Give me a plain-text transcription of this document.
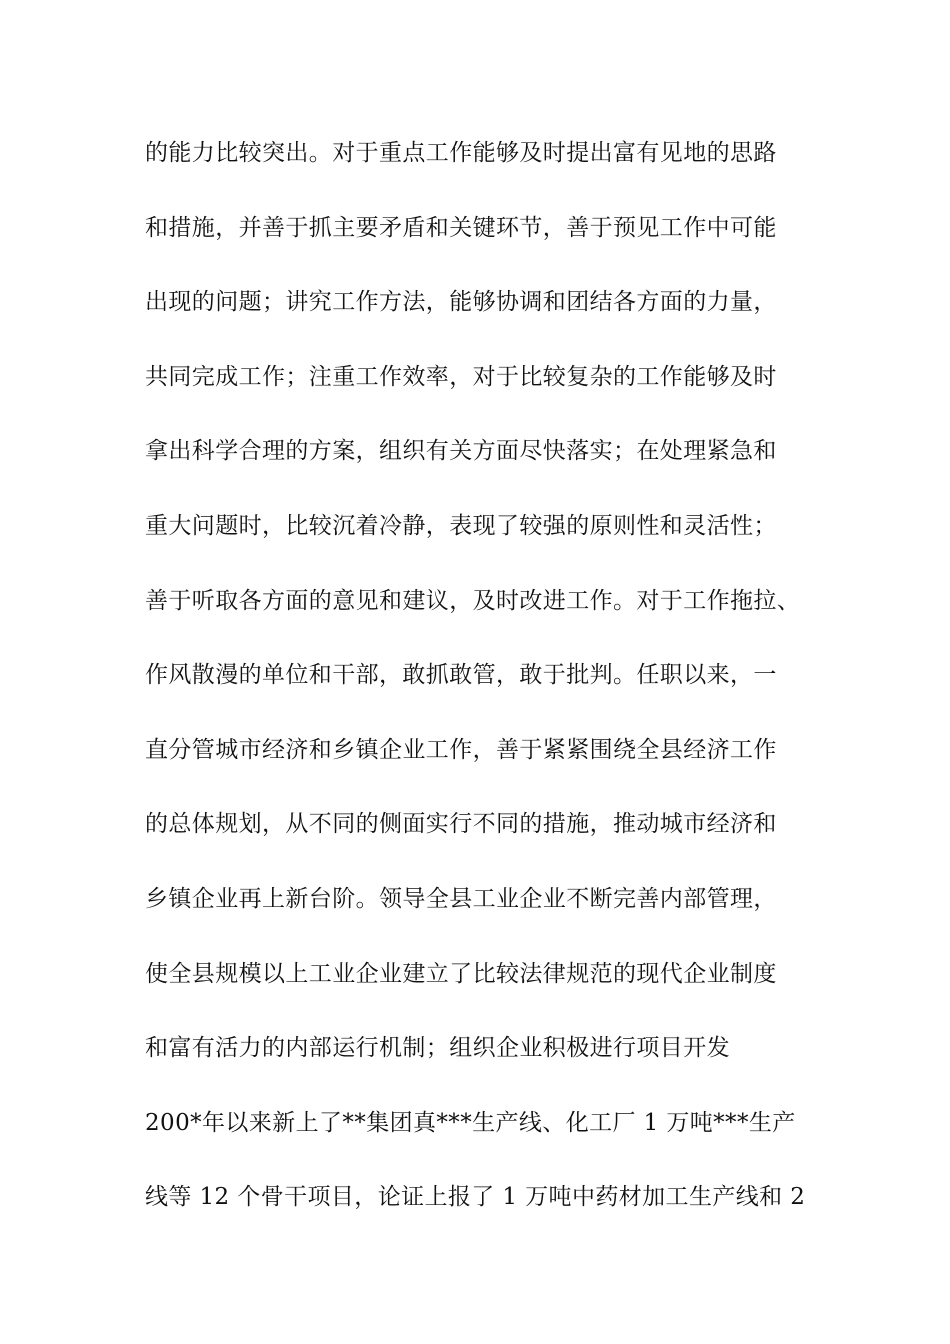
的能力比较突出。对于重点工作能够及时提出富有见地的思路
和措施，并善于抓主要矛盾和关键环节，善于预见工作中可能
出现的问题；讲究工作方法，能够协调和团结各方面的力量，
共同完成工作；注重工作效率，对于比较复杂的工作能够及时
拿出科学合理的方案，组织有关方面尽快落实；在处理紧急和
重大问题时，比较沉着冷静，表现了较强的原则性和灵活性；
善于听取各方面的意见和建议，及时改进工作。对于工作拖拉、
作风散漫的单位和干部，敢抓敢管，敢于批判。任职以来，一
直分管城市经济和乡镇企业工作，善于紧紧围绕全县经济工作
的总体规划，从不同的侧面实行不同的措施，推动城市经济和
乡镇企业再上新台阶。领导全县工业企业不断完善内部管理，
使全县规模以上工业企业建立了比较法律规范的现代企业制度
和富有活力的内部运行机制；组织企业积极进行项目开发
200*年以来新上了**集团真***生产线、化工厂 1 万吨***生产
线等 12 个骨干项目，论证上报了 1 万吨中药材加工生产线和 2
